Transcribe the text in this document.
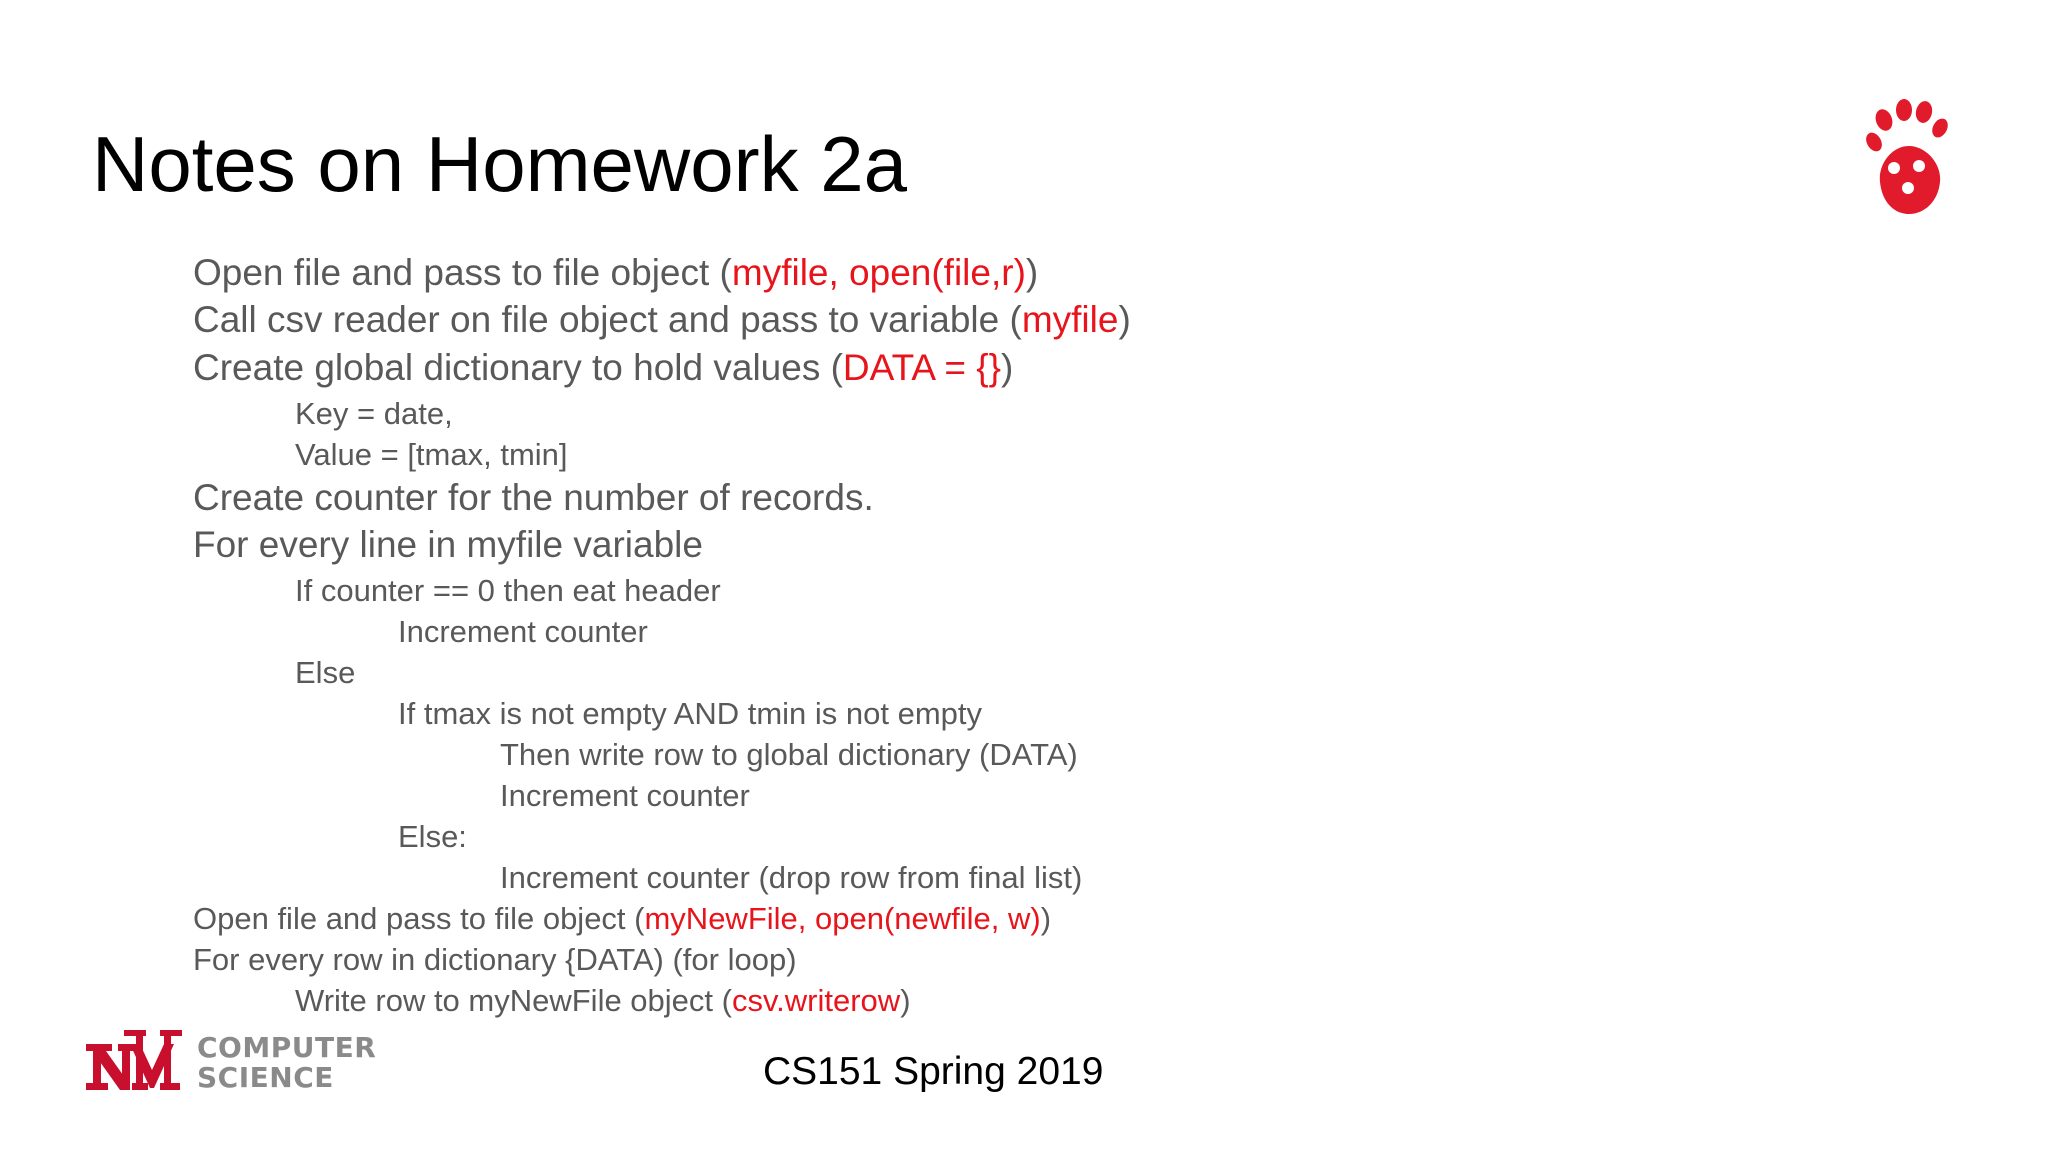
Notes on Homework 2a
Open file and pass to file object (myfile, open(file,r))
Call csv reader on file object and pass to variable (myfile)
Create global dictionary to hold values (DATA = {})
Key = date,
Value = [tmax, tmin]
Create counter for the number of records.
For every line in myfile variable
If counter == 0 then eat header
Increment counter
Else
If tmax is not empty AND tmin is not empty
Then write row to global dictionary (DATA)
Increment counter
Else:
Increment counter (drop row from final list)
Open file and pass to file object (myNewFile, open(newfile, w))
For every row in dictionary {DATA) (for loop)
Write row to myNewFile object (csv.writerow)
COMPUTER
SCIENCE	CS151 Spring 2019
